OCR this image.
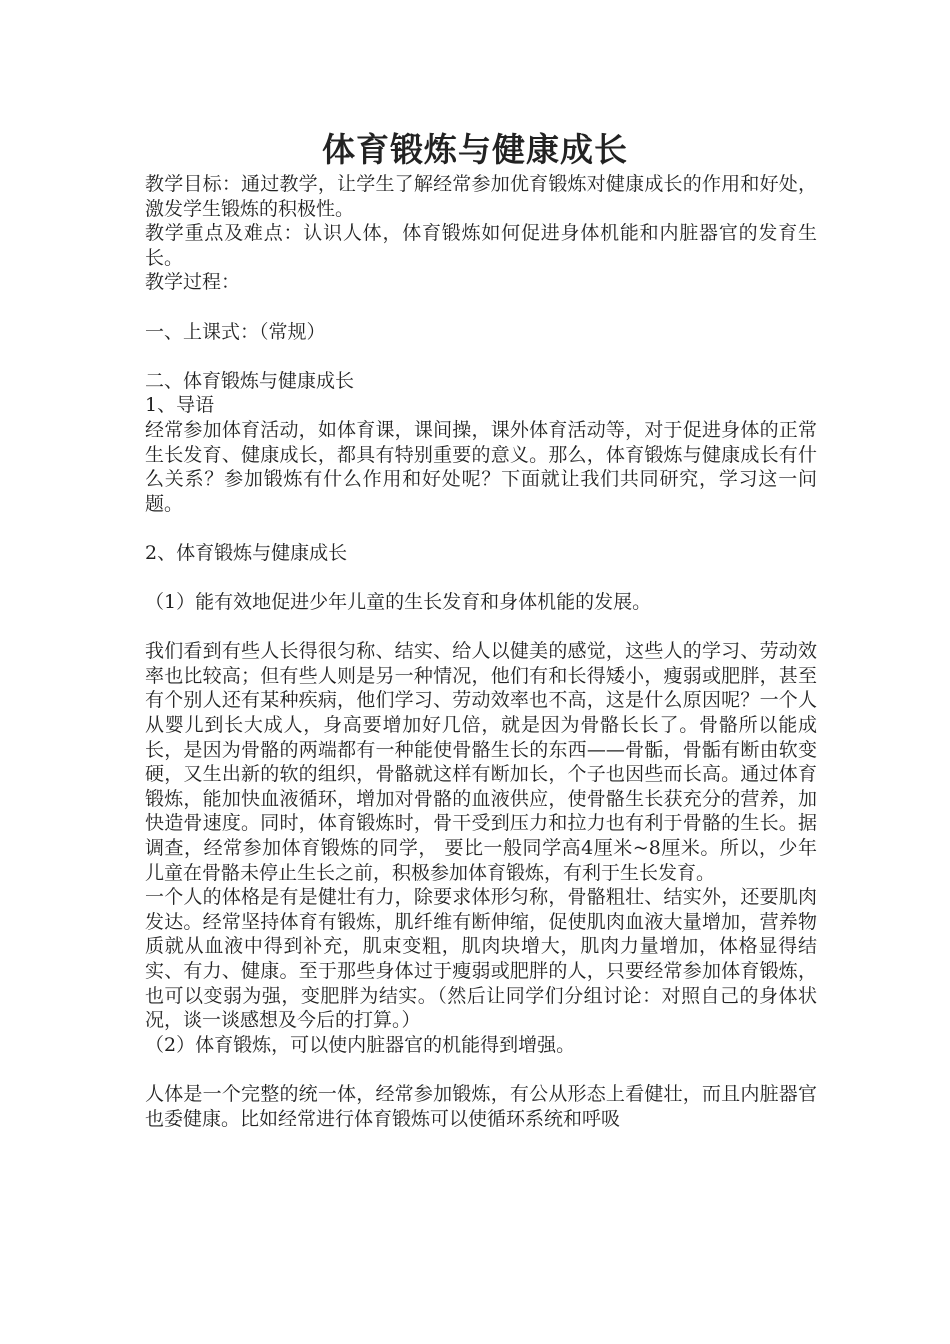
体育锻炼与健康成长

教学目标：通过教学，让学生了解经常参加优育锻炼对健康成长的作用和好处，激发学生锻炼的积极性。

教学重点及难点：认识人体，体育锻炼如何促进身体机能和内脏器官的发育生长。

教学过程：

一、上课式：（常规）

二、体育锻炼与健康成长

1、导语

经常参加体育活动，如体育课，课间操，课外体育活动等，对于促进身体的正常生长发育、健康成长，都具有特别重要的意义。那么，体育锻炼与健康成长有什么关系？参加锻炼有什么作用和好处呢？下面就让我们共同研究，学习这一问题。

2、体育锻炼与健康成长

（1）能有效地促进少年儿童的生长发育和身体机能的发展。

我们看到有些人长得很匀称、结实、给人以健美的感觉，这些人的学习、劳动效率也比较高；但有些人则是另一种情况，他们有和长得矮小，瘦弱或肥胖，甚至有个别人还有某种疾病，他们学习、劳动效率也不高，这是什么原因呢？一个人从婴儿到长大成人，身高要增加好几倍，就是因为骨骼长长了。骨骼所以能成长，是因为骨骼的两端都有一种能使骨骼生长的东西——骨骺，骨骺有断由软变硬，又生出新的软的组织，骨骼就这样有断加长，个子也因些而长高。通过体育锻炼，能加快血液循环，增加对骨骼的血液供应，使骨骼生长获充分的营养，加快造骨速度。同时，体育锻炼时，骨干受到压力和拉力也有利于骨骼的生长。据调查，经常参加体育锻炼的同学， 要比一般同学高4厘米~8厘米。所以，少年儿童在骨骼未停止生长之前，积极参加体育锻炼，有利于生长发育。

一个人的体格是有是健壮有力，除要求体形匀称，骨骼粗壮、结实外，还要肌肉发达。经常坚持体育有锻炼，肌纤维有断伸缩，促使肌肉血液大量增加，营养物质就从血液中得到补充，肌束变粗，肌肉块增大，肌肉力量增加，体格显得结实、有力、健康。至于那些身体过于瘦弱或肥胖的人，只要经常参加体育锻炼，也可以变弱为强，变肥胖为结实。（然后让同学们分组讨论：对照自己的身体状况，谈一谈感想及今后的打算。）

（2）体育锻炼，可以使内脏器官的机能得到增强。

人体是一个完整的统一体，经常参加锻炼，有公从形态上看健壮，而且内脏器官也委健康。比如经常进行体育锻炼可以使循环系统和呼吸
